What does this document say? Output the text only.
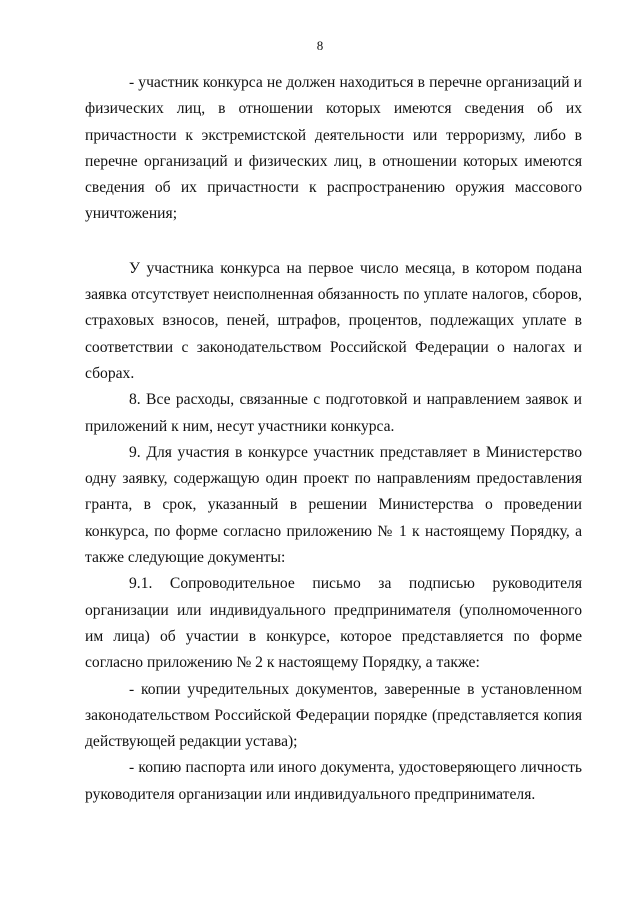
8

- участник конкурса не должен находиться в перечне организаций и физических лиц, в отношении которых имеются сведения об их причастности к экстремистской деятельности или терроризму, либо в перечне организаций и физических лиц, в отношении которых имеются сведения об их причастности к распространению оружия массового уничтожения;

У участника конкурса на первое число месяца, в котором подана заявка отсутствует неисполненная обязанность по уплате налогов, сборов, страховых взносов, пеней, штрафов, процентов, подлежащих уплате в соответствии с законодательством Российской Федерации о налогах и сборах.

8. Все расходы, связанные с подготовкой и направлением заявок и приложений к ним, несут участники конкурса.

9. Для участия в конкурсе участник представляет в Министерство одну заявку, содержащую один проект по направлениям предоставления гранта, в срок, указанный в решении Министерства о проведении конкурса, по форме согласно приложению № 1 к настоящему Порядку, а также следующие документы:

9.1. Сопроводительное письмо за подписью руководителя организации или индивидуального предпринимателя (уполномоченного им лица) об участии в конкурсе, которое представляется по форме согласно приложению № 2 к настоящему Порядку, а также:

- копии учредительных документов, заверенные в установленном законодательством Российской Федерации порядке (представляется копия действующей редакции устава);

- копию паспорта или иного документа, удостоверяющего личность руководителя организации или индивидуального предпринимателя.
